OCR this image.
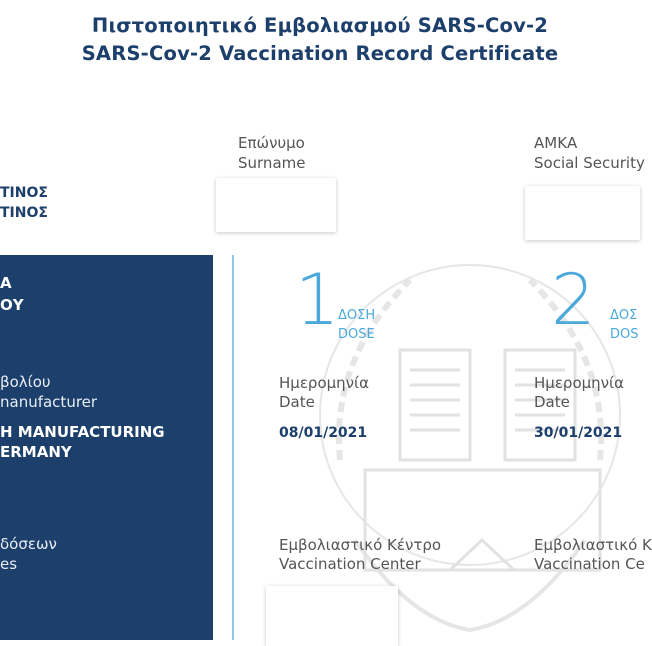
Πιστοποιητικό Εμβολιασμού SARS-Cov-2
SARS-Cov-2 Vaccination Record Certificate
ΤΙΝΟΣ
ΤΙΝΟΣ
Επώνυμο
Surname
ΑΜΚΑ
Social Security
Α
ΟΥ
βολίου
nanufacturer
H MANUFACTURING
ERMANY
δόσεων
es
1
ΔΟΣΗ
DOSE
Ημερομηνία
Date
08/01/2021
Εμβολιαστικό Κέντρο
Vaccination Center
2 ΔΟΣ
DOS
Ημερομηνία
Date
30/01/2021
Εμβολιαστικό Κ
Vaccination Ce
